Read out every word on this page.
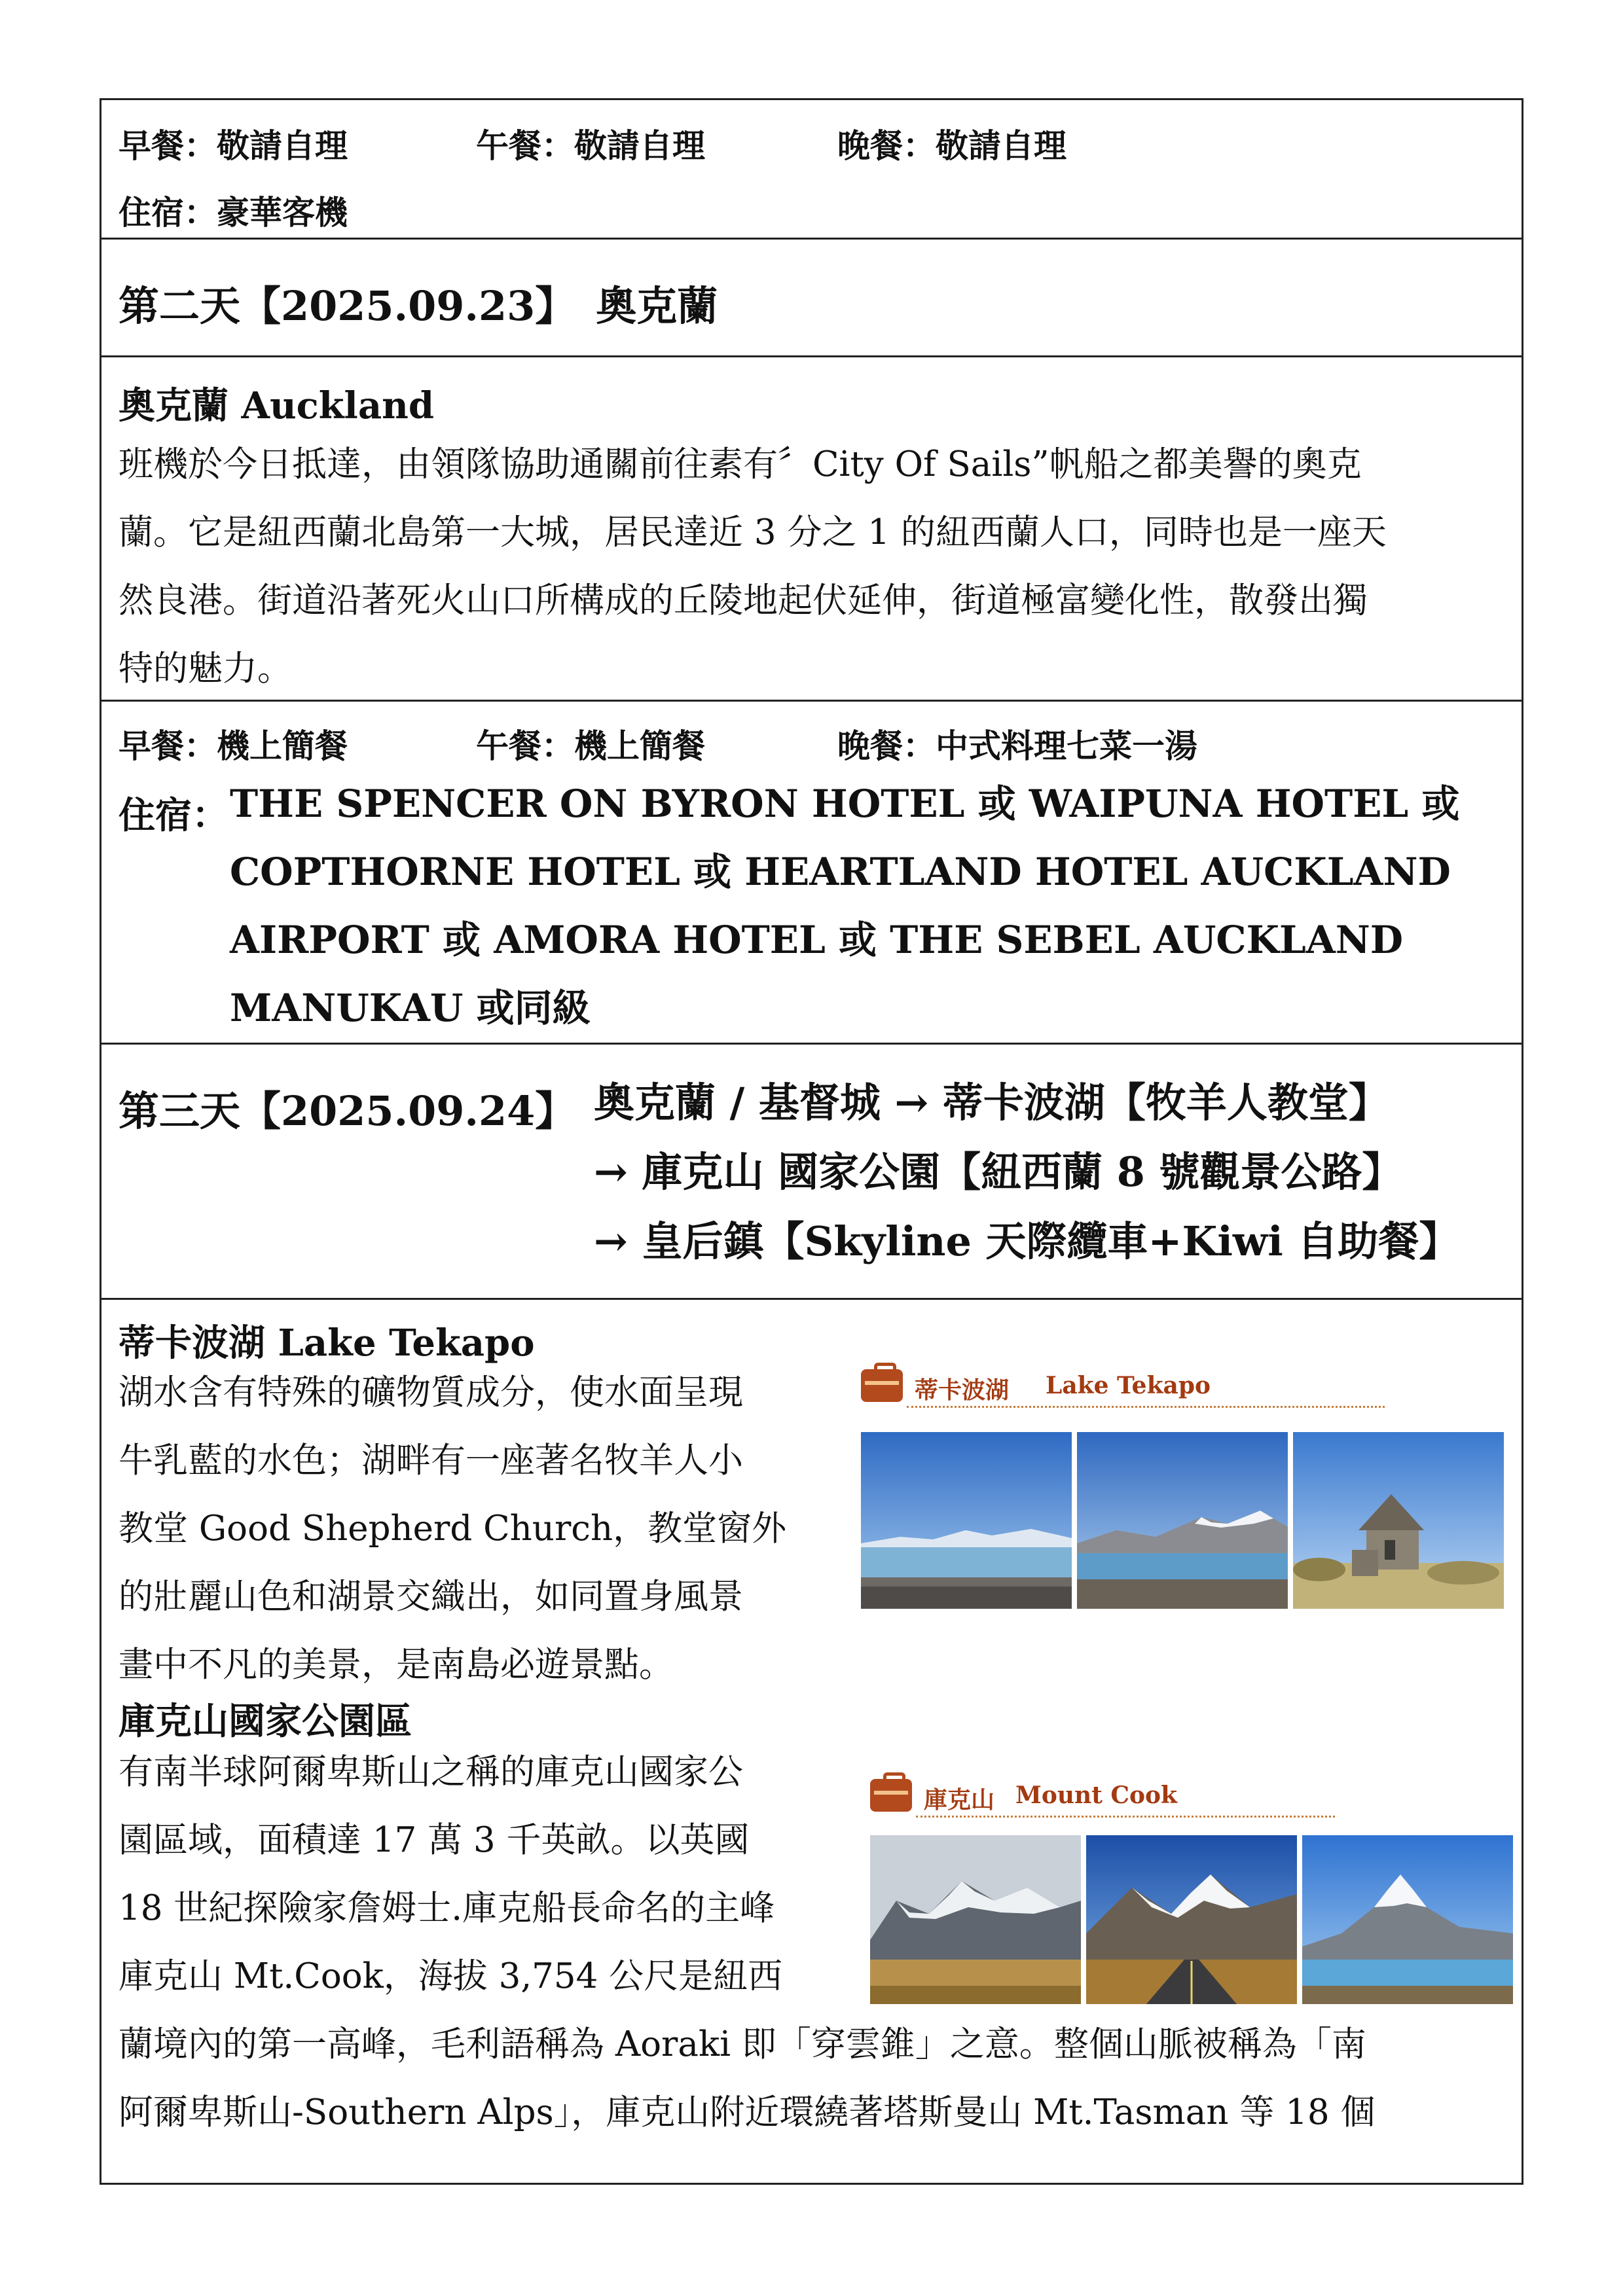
早餐：敬請自理	午餐：敬請自理	晚餐：敬請自理
住宿：豪華客機
第二天【2025.09.23】　奧克蘭
奧克蘭 Auckland
班機於今日抵達，由領隊協助通關前往素有〞City Of Sails”帆船之都美譽的奧克
蘭。它是紐西蘭北島第一大城，居民達近 3 分之 1 的紐西蘭人口，同時也是一座天
然良港。街道沿著死火山口所構成的丘陵地起伏延伸，街道極富變化性，散發出獨
特的魅力。
早餐：機上簡餐	午餐：機上簡餐	晚餐：中式料理七菜一湯
住宿： THE SPENCER ON BYRON HOTEL 或 WAIPUNA HOTEL 或
COPTHORNE HOTEL 或 HEARTLAND HOTEL AUCKLAND
AIRPORT 或 AMORA HOTEL 或 THE SEBEL AUCKLAND
MANUKAU 或同級
第三天【2025.09.24】 奧克蘭 / 基督城 → 蒂卡波湖【牧羊人教堂】
→ 庫克山 國家公園【紐西蘭 8 號觀景公路】
→ 皇后鎮【Skyline 天際纜車+Kiwi 自助餐】
蒂卡波湖 Lake Tekapo
湖水含有特殊的礦物質成分，使水面呈現
牛乳藍的水色；湖畔有一座著名牧羊人小
教堂 Good Shepherd Church，教堂窗外
的壯麗山色和湖景交織出，如同置身風景
畫中不凡的美景，是南島必遊景點。
蒂卡波湖 Lake Tekapo
庫克山國家公園區
有南半球阿爾卑斯山之稱的庫克山國家公
園區域，面積達 17 萬 3 千英畝。以英國
18 世紀探險家詹姆士.庫克船長命名的主峰
庫克山 Mt.Cook，海拔 3,754 公尺是紐西
蘭境內的第一高峰，毛利語稱為 Aoraki 即「穿雲錐」之意。整個山脈被稱為「南
阿爾卑斯山-Southern Alps」，庫克山附近環繞著塔斯曼山 Mt.Tasman 等 18 個
庫克山 Mount Cook
